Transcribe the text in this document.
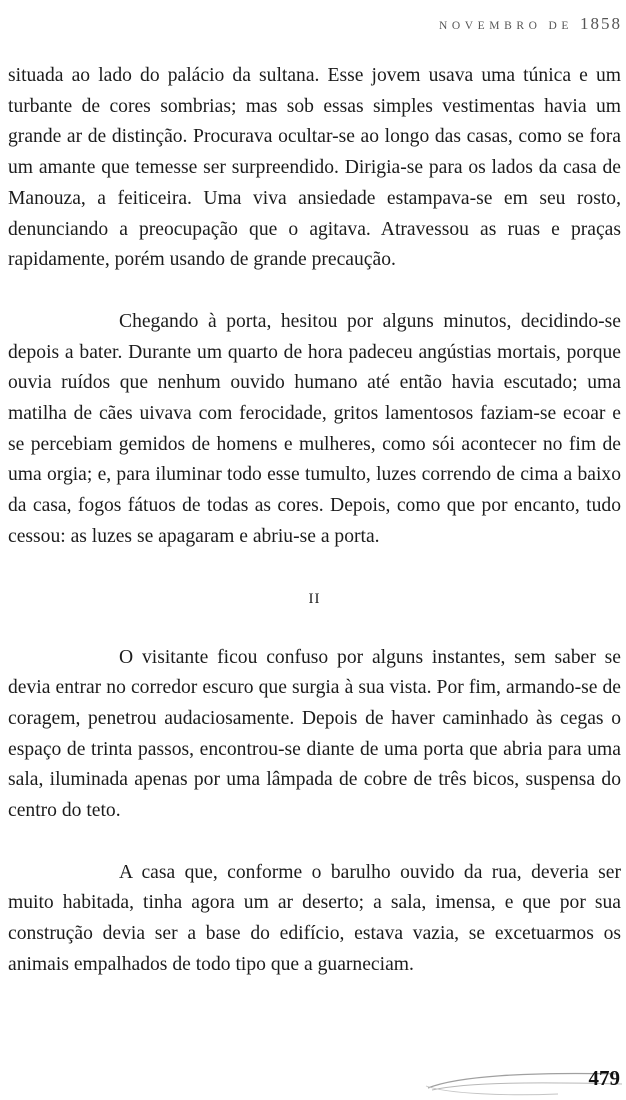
NOVEMBRO DE 1858

situada ao lado do palácio da sultana. Esse jovem usava uma túnica e um turbante de cores sombrias; mas sob essas simples vestimentas havia um grande ar de distinção. Procurava ocultar-se ao longo das casas, como se fora um amante que temesse ser surpreendido. Dirigia-se para os lados da casa de Manouza, a feiticeira. Uma viva ansiedade estampava-se em seu rosto, denunciando a preocupação que o agitava. Atravessou as ruas e praças rapidamente, porém usando de grande precaução.

Chegando à porta, hesitou por alguns minutos, decidindo-se depois a bater. Durante um quarto de hora padeceu angústias mortais, porque ouvia ruídos que nenhum ouvido humano até então havia escutado; uma matilha de cães uivava com ferocidade, gritos lamentosos faziam-se ecoar e se percebiam gemidos de homens e mulheres, como sói acontecer no fim de uma orgia; e, para iluminar todo esse tumulto, luzes correndo de cima a baixo da casa, fogos fátuos de todas as cores. Depois, como que por encanto, tudo cessou: as luzes se apagaram e abriu-se a porta.

II

O visitante ficou confuso por alguns instantes, sem saber se devia entrar no corredor escuro que surgia à sua vista. Por fim, armando-se de coragem, penetrou audaciosamente. Depois de haver caminhado às cegas o espaço de trinta passos, encontrou-se diante de uma porta que abria para uma sala, iluminada apenas por uma lâmpada de cobre de três bicos, suspensa do centro do teto.

A casa que, conforme o barulho ouvido da rua, deveria ser muito habitada, tinha agora um ar deserto; a sala, imensa, e que por sua construção devia ser a base do edifício, estava vazia, se excetuarmos os animais empalhados de todo tipo que a guarneciam.

479
